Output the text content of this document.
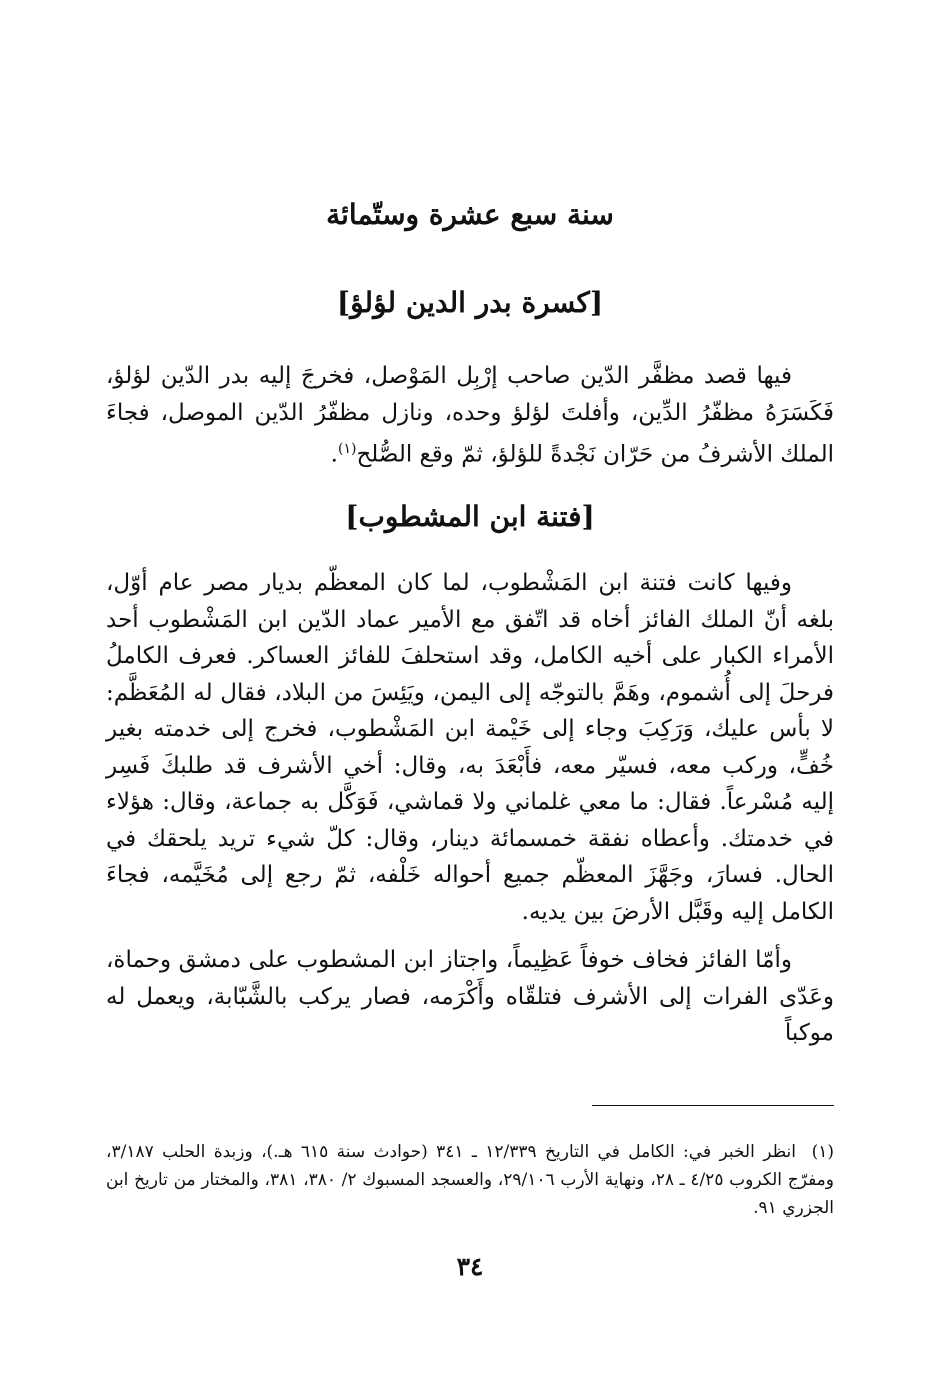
سنة سبع عشرة وستّمائة
[كسرة بدر الدين لؤلؤ]

فيها قصد مظفَّر الدّين صاحب إرْبِل المَوْصل، فخرجَ إليه بدر الدّين لؤلؤ، فَكَسَرَهُ مظفّرُ الدِّين، وأفلتَ لؤلؤ وحده، ونازل مظفّرُ الدّين الموصل، فجاءَ الملك الأشرفُ من حَرّان نَجْدةً للؤلؤ، ثمّ وقع الصُّلح$^{(١)}$.

[فتنة ابن المشطوب]

وفيها كانت فتنة ابن المَشْطوب، لما كان المعظّم بديار مصر عام أوّل، بلغه أنّ الملك الفائز أخاه قد اتّفق مع الأمير عماد الدّين ابن المَشْطوب أحد الأمراء الكبار على أخيه الكامل، وقد استحلفَ للفائز العساكر. فعرف الكاملُ فرحلَ إلى أُشموم، وهَمَّ بالتوجّه إلى اليمن، ويَئِسَ من البلاد، فقال له المُعَظَّم: لا بأس عليك، وَرَكِبَ وجاء إلى خَيْمة ابن المَشْطوب، فخرج إلى خدمته بغير خُفٍّ، وركب معه، فسيّر معه، فأَبْعَدَ به، وقال: أخي الأشرف قد طلبكَ فَسِر إليه مُسْرعاً. فقال: ما معي غلماني ولا قماشي، فَوَكَّل به جماعة، وقال: هؤلاء في خدمتك. وأعطاه نفقة خمسمائة دينار، وقال: كلّ شيء تريد يلحقك في الحال. فسارَ، وجَهَّزَ المعظّم جميع أحواله خَلْفه، ثمّ رجع إلى مُخَيَّمه، فجاءَ الكامل إليه وقَبَّل الأرضَ بين يديه.

وأمّا الفائز فخاف خوفاً عَظِيماً، واجتاز ابن المشطوب على دمشق وحماة، وعَدّى الفرات إلى الأشرف فتلقّاه وأَكْرَمه، فصار يركب بالشَّبّابة، ويعمل له موكباً

(١)انظر الخبر في: الكامل في التاريخ ١٢/٣٣٩ ـ ٣٤١ (حوادث سنة ٦١٥ هـ.)، وزبدة الحلب ٣/١٨٧، ومفرّج الكروب ٤/٢٥ ـ ٢٨، ونهاية الأرب ٢٩/١٠٦، والعسجد المسبوك ٢/ ٣٨٠، ٣٨١، والمختار من تاريخ ابن الجزري ٩١.
٣٤
